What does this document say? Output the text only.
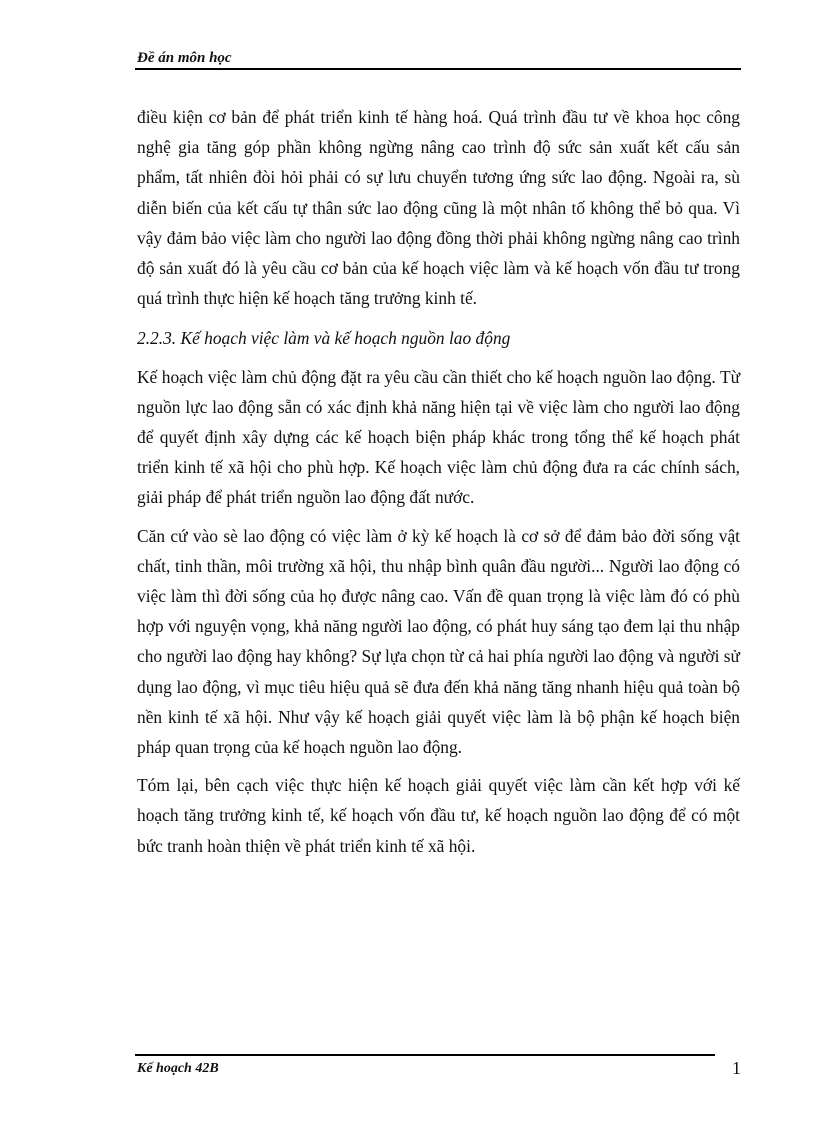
Đề án môn học

điều kiện cơ bản để phát triển kinh tế hàng hoá. Quá trình đầu tư về khoa học công nghệ gia tăng góp phần không ngừng nâng cao trình độ sức sản xuất kết cấu sản phẩm, tất nhiên đòi hỏi phải có sự lưu chuyển tương ứng sức lao động. Ngoài ra, sù diễn biến của kết cấu tự thân sức lao động cũng là một nhân tố không thể bỏ qua. Vì vậy đảm bảo việc làm cho người lao động đồng thời phải không ngừng nâng cao trình độ sản xuất đó là yêu cầu cơ bản của kế hoạch việc làm và kế hoạch vốn đầu tư trong quá trình thực hiện kế hoạch tăng trưởng kinh tế.

2.2.3. Kế hoạch việc làm và kế hoạch nguồn lao động

Kế hoạch việc làm chủ động đặt ra yêu cầu cần thiết cho kế hoạch nguồn lao động. Từ nguồn lực lao động sẵn có xác định khả năng hiện tại về việc làm cho người lao động để quyết định xây dựng các kế hoạch biện pháp khác trong tổng thể kế hoạch phát triển kinh tế xã hội cho phù hợp. Kế hoạch việc làm chủ động đưa ra các chính sách, giải pháp để phát triển nguồn lao động đất nước.

Căn cứ vào sè lao động có việc làm ở kỳ kế hoạch là cơ sở để đảm bảo đời sống vật chất, tinh thần, môi trường xã hội, thu nhập bình quân đầu người... Người lao động có việc làm thì đời sống của họ được nâng cao. Vấn đề quan trọng là việc làm đó có phù hợp với nguyện vọng, khả năng người lao động, có phát huy sáng tạo đem lại thu nhập cho người lao động hay không? Sự lựa chọn từ cả hai phía người lao động và người sử dụng lao động, vì mục tiêu hiệu quả sẽ đưa đến khả năng tăng nhanh hiệu quả toàn bộ nền kinh tế xã hội. Như vậy kế hoạch giải quyết việc làm là bộ phận kế hoạch biện pháp quan trọng của kế hoạch nguồn lao động.

Tóm lại, bên cạch việc thực hiện kế hoạch giải quyết việc làm cần kết hợp với kế hoạch tăng trưởng kinh tế, kế hoạch vốn đầu tư, kế hoạch nguồn lao động để có một bức tranh hoàn thiện về phát triển kinh tế xã hội.

Kế hoạch 42B	1
